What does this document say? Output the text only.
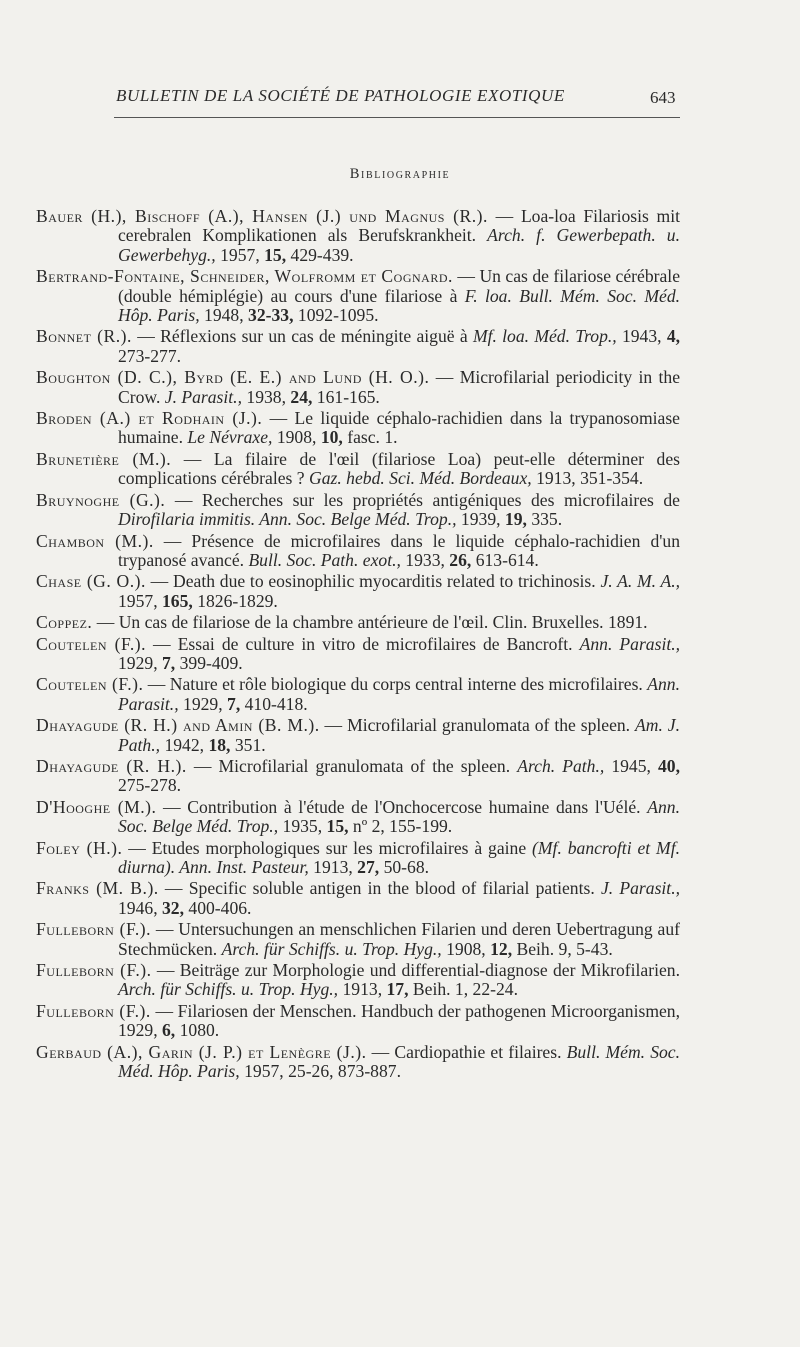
BULLETIN DE LA SOCIÉTÉ DE PATHOLOGIE EXOTIQUE	643
Bibliographie

Bauer (H.), Bischoff (A.), Hansen (J.) und Magnus (R.). — Loa-loa Filariosis mit cerebralen Komplikationen als Berufskrankheit. Arch. f. Gewerbepath. u. Gewerbehyg., 1957, 15, 429-439.

Bertrand-Fontaine, Schneider, Wolfromm et Cognard. — Un cas de filariose cérébrale (double hémiplégie) au cours d'une filariose à F. loa. Bull. Mém. Soc. Méd. Hôp. Paris, 1948, 32-33, 1092-1095.

Bonnet (R.). — Réflexions sur un cas de méningite aiguë à Mf. loa. Méd. Trop., 1943, 4, 273-277.

Boughton (D. C.), Byrd (E. E.) and Lund (H. O.). — Microfilarial periodicity in the Crow. J. Parasit., 1938, 24, 161-165.

Broden (A.) et Rodhain (J.). — Le liquide céphalo-rachidien dans la trypanosomiase humaine. Le Névraxe, 1908, 10, fasc. 1.

Brunetière (M.). — La filaire de l'œil (filariose Loa) peut-elle déterminer des complications cérébrales ? Gaz. hebd. Sci. Méd. Bordeaux, 1913, 351-354.

Bruynoghe (G.). — Recherches sur les propriétés antigéniques des microfilaires de Dirofilaria immitis. Ann. Soc. Belge Méd. Trop., 1939, 19, 335.

Chambon (M.). — Présence de microfilaires dans le liquide céphalo-rachidien d'un trypanosé avancé. Bull. Soc. Path. exot., 1933, 26, 613-614.

Chase (G. O.). — Death due to eosinophilic myocarditis related to trichinosis. J. A. M. A., 1957, 165, 1826-1829.

Coppez. — Un cas de filariose de la chambre antérieure de l'œil. Clin. Bruxelles. 1891.

Coutelen (F.). — Essai de culture in vitro de microfilaires de Bancroft. Ann. Parasit., 1929, 7, 399-409.

Coutelen (F.). — Nature et rôle biologique du corps central interne des microfilaires. Ann. Parasit., 1929, 7, 410-418.

Dhayagude (R. H.) and Amin (B. M.). — Microfilarial granulomata of the spleen. Am. J. Path., 1942, 18, 351.

Dhayagude (R. H.). — Microfilarial granulomata of the spleen. Arch. Path., 1945, 40, 275-278.

D'Hooghe (M.). — Contribution à l'étude de l'Onchocercose humaine dans l'Uélé. Ann. Soc. Belge Méd. Trop., 1935, 15, nº 2, 155-199.

Foley (H.). — Etudes morphologiques sur les microfilaires à gaine (Mf. bancrofti et Mf. diurna). Ann. Inst. Pasteur, 1913, 27, 50-68.

Franks (M. B.). — Specific soluble antigen in the blood of filarial patients. J. Parasit., 1946, 32, 400-406.

Fulleborn (F.). — Untersuchungen an menschlichen Filarien und deren Uebertragung auf Stechmücken. Arch. für Schiffs. u. Trop. Hyg., 1908, 12, Beih. 9, 5-43.

Fulleborn (F.). — Beiträge zur Morphologie und differential-diagnose der Mikrofilarien. Arch. für Schiffs. u. Trop. Hyg., 1913, 17, Beih. 1, 22-24.

Fulleborn (F.). — Filariosen der Menschen. Handbuch der pathogenen Microorganismen, 1929, 6, 1080.

Gerbaud (A.), Garin (J. P.) et Lenègre (J.). — Cardiopathie et filaires. Bull. Mém. Soc. Méd. Hôp. Paris, 1957, 25-26, 873-887.
